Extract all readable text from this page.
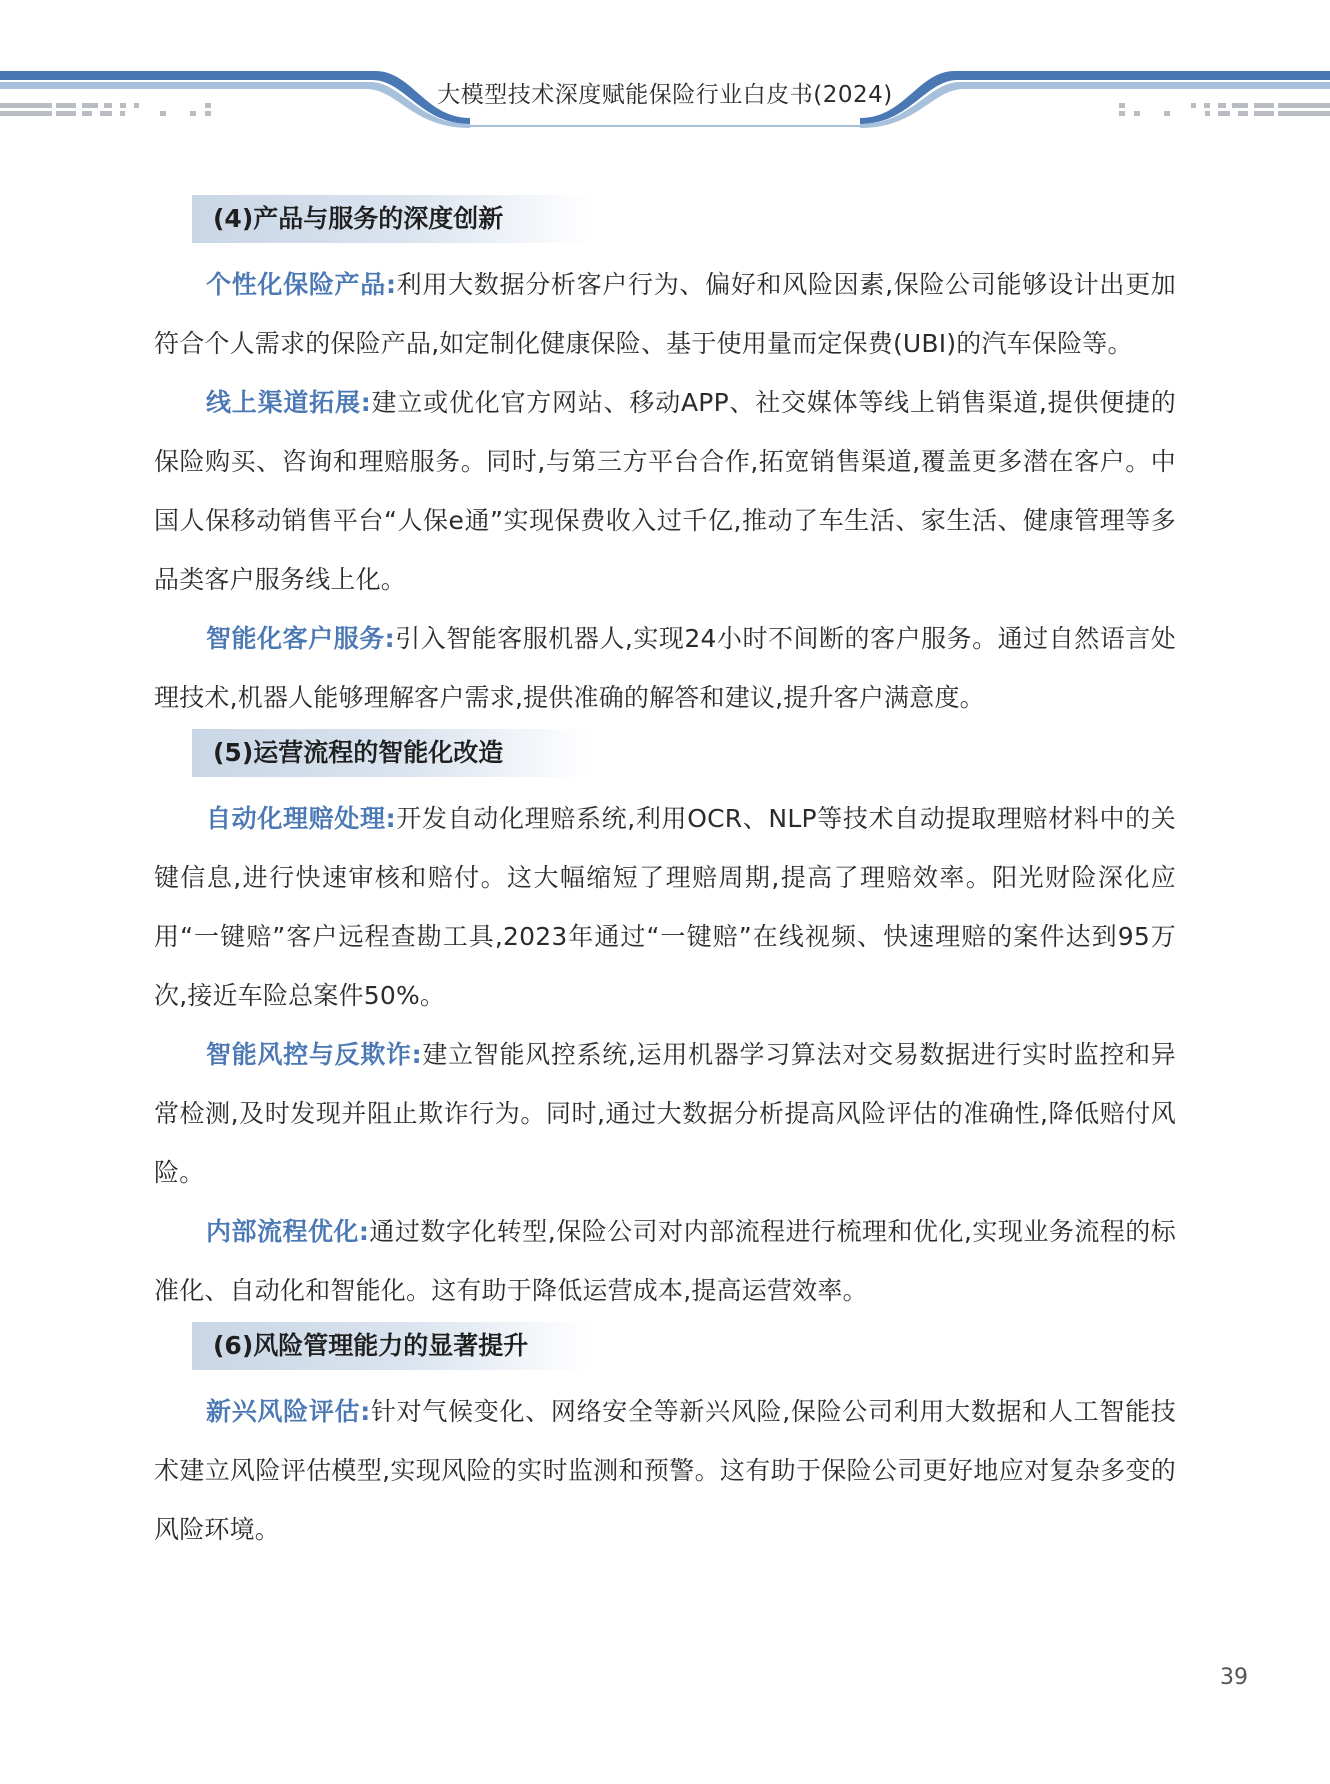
大模型技术深度赋能保险行业白皮书(2024)
(4)产品与服务的深度创新

个性化保险产品:利用大数据分析客户行为、偏好和风险因素,保险公司能够设计出更加符合个人需求的保险产品,如定制化健康保险、基于使用量而定保费(UBI)的汽车保险等。

线上渠道拓展:建立或优化官方网站、移动APP、社交媒体等线上销售渠道,提供便捷的保险购买、咨询和理赔服务。同时,与第三方平台合作,拓宽销售渠道,覆盖更多潜在客户。中国人保移动销售平台“人保e通”实现保费收入过千亿,推动了车生活、家生活、健康管理等多品类客户服务线上化。

智能化客户服务:引入智能客服机器人,实现24小时不间断的客户服务。通过自然语言处理技术,机器人能够理解客户需求,提供准确的解答和建议,提升客户满意度。

(5)运营流程的智能化改造

自动化理赔处理:开发自动化理赔系统,利用OCR、NLP等技术自动提取理赔材料中的关键信息,进行快速审核和赔付。这大幅缩短了理赔周期,提高了理赔效率。阳光财险深化应用“一键赔”客户远程查勘工具,2023年通过“一键赔”在线视频、快速理赔的案件达到95万次,接近车险总案件50%。

智能风控与反欺诈:建立智能风控系统,运用机器学习算法对交易数据进行实时监控和异常检测,及时发现并阻止欺诈行为。同时,通过大数据分析提高风险评估的准确性,降低赔付风险。

内部流程优化:通过数字化转型,保险公司对内部流程进行梳理和优化,实现业务流程的标准化、自动化和智能化。这有助于降低运营成本,提高运营效率。

(6)风险管理能力的显著提升

新兴风险评估:针对气候变化、网络安全等新兴风险,保险公司利用大数据和人工智能技术建立风险评估模型,实现风险的实时监测和预警。这有助于保险公司更好地应对复杂多变的风险环境。

39
